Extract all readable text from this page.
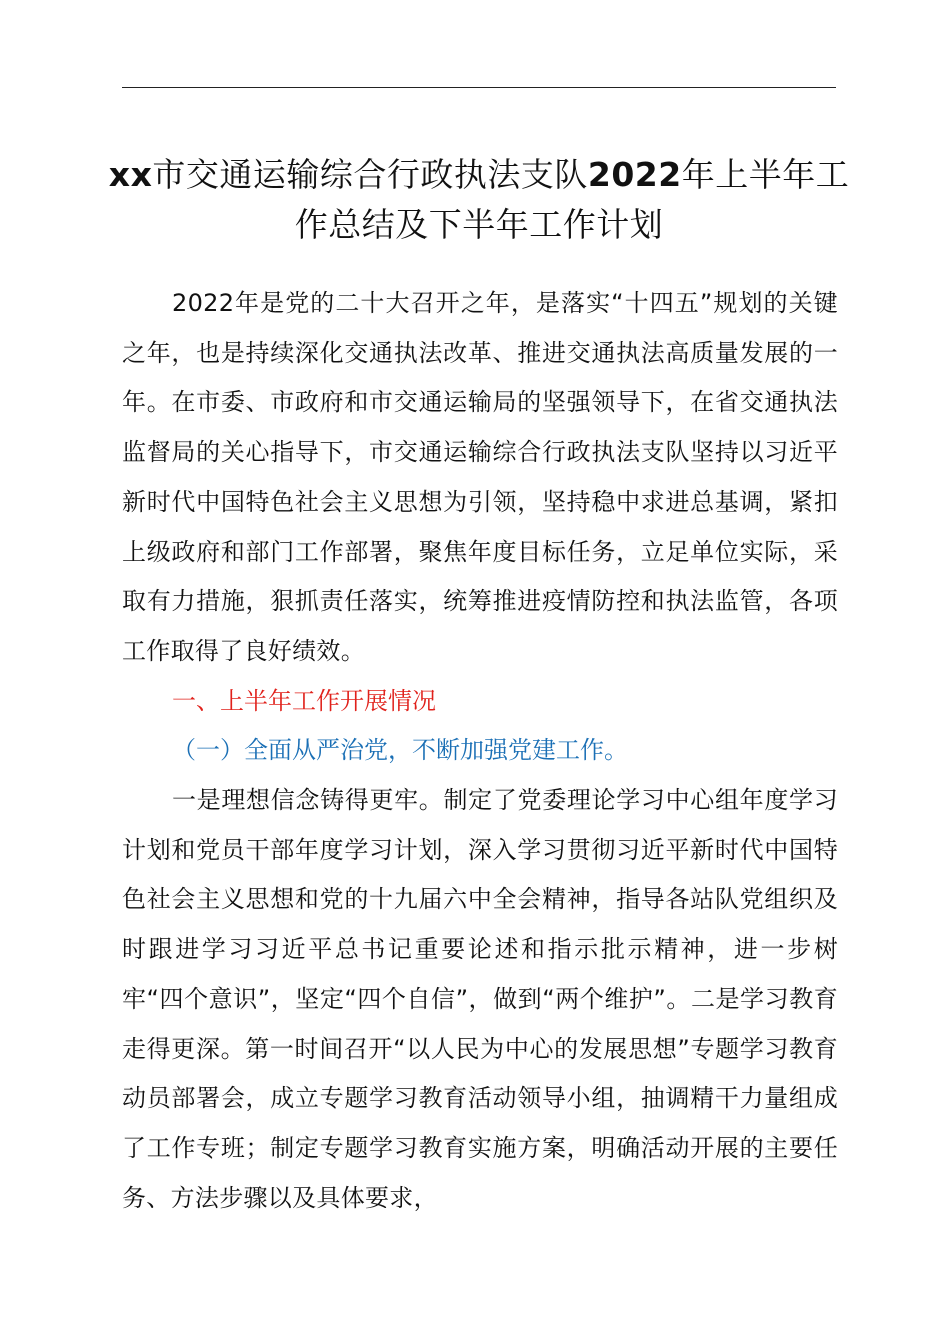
xx市交通运输综合行政执法支队2022年上半年工作总结及下半年工作计划

2022年是党的二十大召开之年，是落实“十四五”规划的关键之年，也是持续深化交通执法改革、推进交通执法高质量发展的一年。在市委、市政府和市交通运输局的坚强领导下，在省交通执法监督局的关心指导下，市交通运输综合行政执法支队坚持以习近平新时代中国特色社会主义思想为引领，坚持稳中求进总基调，紧扣上级政府和部门工作部署，聚焦年度目标任务，立足单位实际，采取有力措施，狠抓责任落实，统筹推进疫情防控和执法监管，各项工作取得了良好绩效。

一、上半年工作开展情况

（一）全面从严治党，不断加强党建工作。

一是理想信念铸得更牢。制定了党委理论学习中心组年度学习计划和党员干部年度学习计划，深入学习贯彻习近平新时代中国特色社会主义思想和党的十九届六中全会精神，指导各站队党组织及时跟进学习习近平总书记重要论述和指示批示精神，进一步树牢“四个意识”，坚定“四个自信”，做到“两个维护”。二是学习教育走得更深。第一时间召开“以人民为中心的发展思想”专题学习教育动员部署会，成立专题学习教育活动领导小组，抽调精干力量组成了工作专班；制定专题学习教育实施方案，明确活动开展的主要任务、方法步骤以及具体要求，
